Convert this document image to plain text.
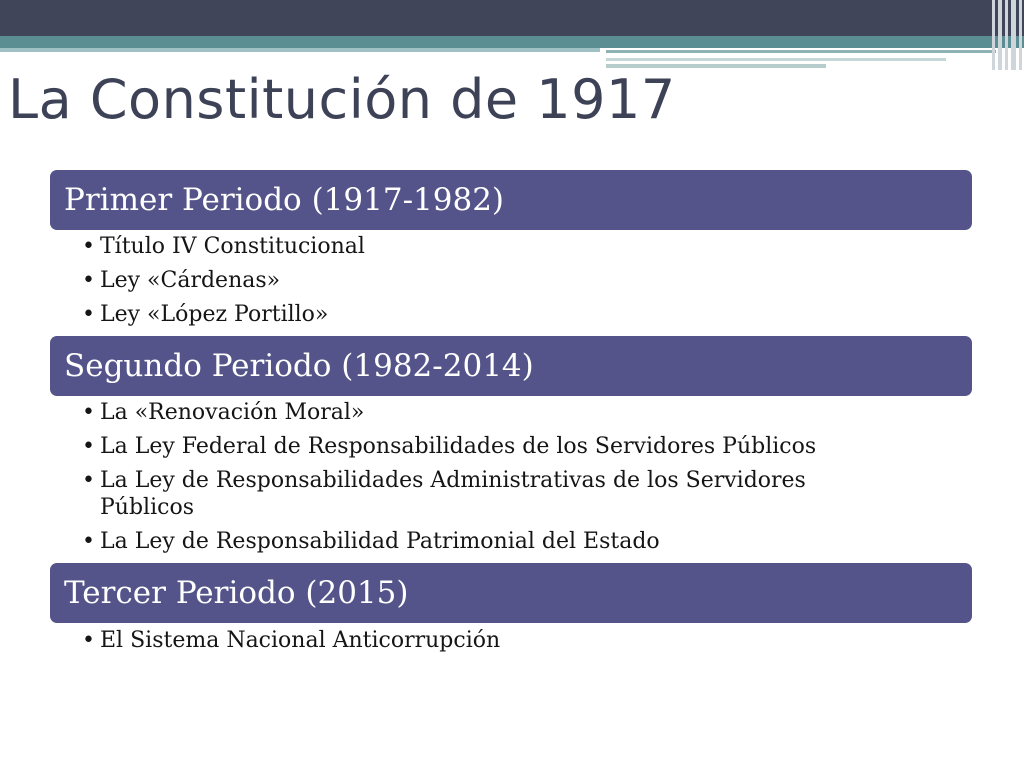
La Constitución de 1917
Primer Periodo (1917-1982)
• Título IV Constitucional
• Ley «Cárdenas»
• Ley «López Portillo»
Segundo Periodo (1982-2014)
• La «Renovación Moral»
• La Ley Federal de Responsabilidades de los Servidores Públicos
• La Ley de Responsabilidades Administrativas de los Servidores Públicos
• La Ley de Responsabilidad Patrimonial del Estado
Tercer Periodo (2015)
• El Sistema Nacional Anticorrupción
